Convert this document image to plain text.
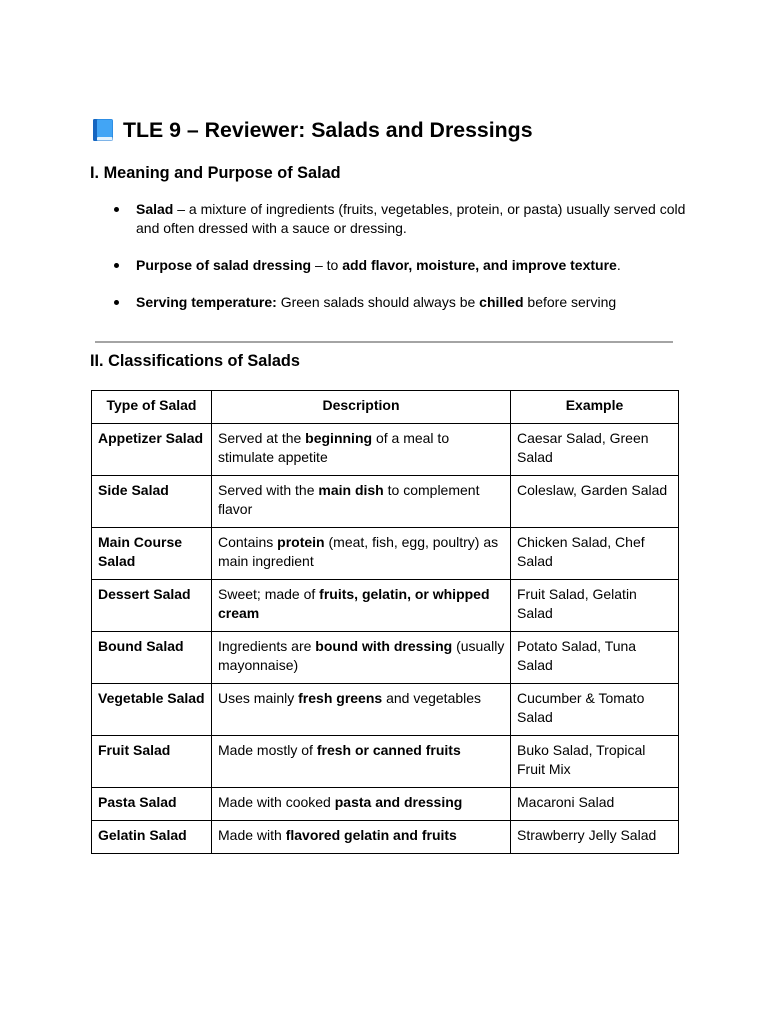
TLE 9 – Reviewer: Salads and Dressings
I. Meaning and Purpose of Salad
Salad – a mixture of ingredients (fruits, vegetables, protein, or pasta) usually served cold and often dressed with a sauce or dressing.
Purpose of salad dressing – to add flavor, moisture, and improve texture.
Serving temperature: Green salads should always be chilled before serving
II. Classifications of Salads
Type of Salad	Description	Example
Appetizer Salad	Served at the beginning of a meal to stimulate appetite	Caesar Salad, Green Salad
Side Salad	Served with the main dish to complement flavor	Coleslaw, Garden Salad
Main Course Salad	Contains protein (meat, fish, egg, poultry) as main ingredient	Chicken Salad, Chef Salad
Dessert Salad	Sweet; made of fruits, gelatin, or whipped cream	Fruit Salad, Gelatin Salad
Bound Salad	Ingredients are bound with dressing (usually mayonnaise)	Potato Salad, Tuna Salad
Vegetable Salad	Uses mainly fresh greens and vegetables	Cucumber & Tomato Salad
Fruit Salad	Made mostly of fresh or canned fruits	Buko Salad, Tropical Fruit Mix
Pasta Salad	Made with cooked pasta and dressing	Macaroni Salad
Gelatin Salad	Made with flavored gelatin and fruits	Strawberry Jelly Salad
